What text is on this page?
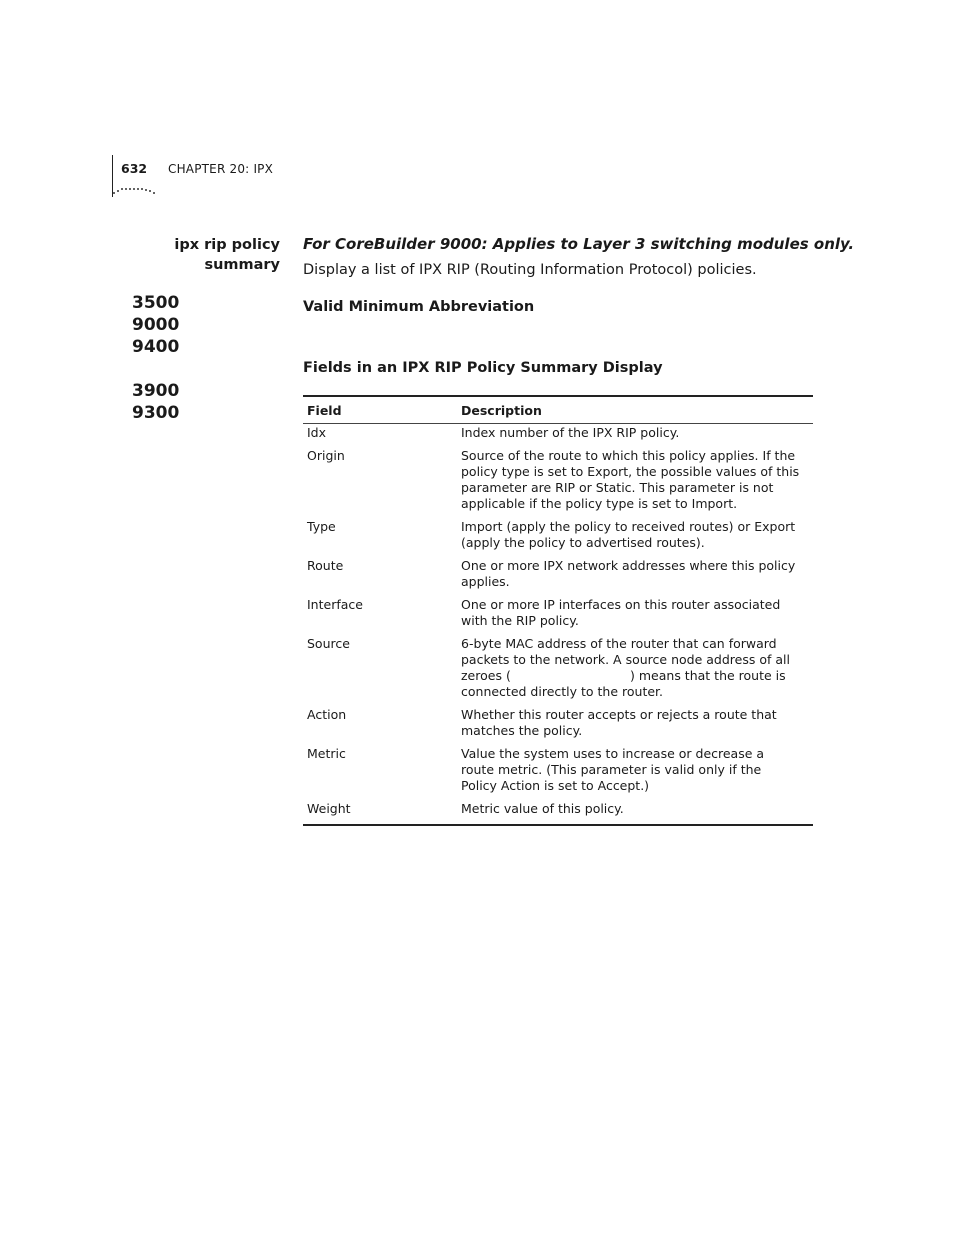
632 CHAPTER 20: IPX
ipx rip policy
summary
3500
9000
9400
3900
9300
For CoreBuilder 9000: Applies to Layer 3 switching modules only.
Display a list of IPX RIP (Routing Information Protocol) policies.
Valid Minimum Abbreviation
Fields in an IPX RIP Policy Summary Display
Field	Description
Idx	Index number of the IPX RIP policy.
Origin	Source of the route to which this policy applies. If the policy type is set to Export, the possible values of this parameter are RIP or Static. This parameter is not applicable if the policy type is set to Import.
Type	Import (apply the policy to received routes) or Export (apply the policy to advertised routes).
Route	One or more IPX network addresses where this policy applies.
Interface	One or more IP interfaces on this router associated with the RIP policy.
Source	6-byte MAC address of the router that can forward packets to the network. A source node address of all zeroes (                              ) means that the route is connected directly to the router.
Action	Whether this router accepts or rejects a route that matches the policy.
Metric	Value the system uses to increase or decrease a route metric. (This parameter is valid only if the Policy Action is set to Accept.)
Weight	Metric value of this policy.
